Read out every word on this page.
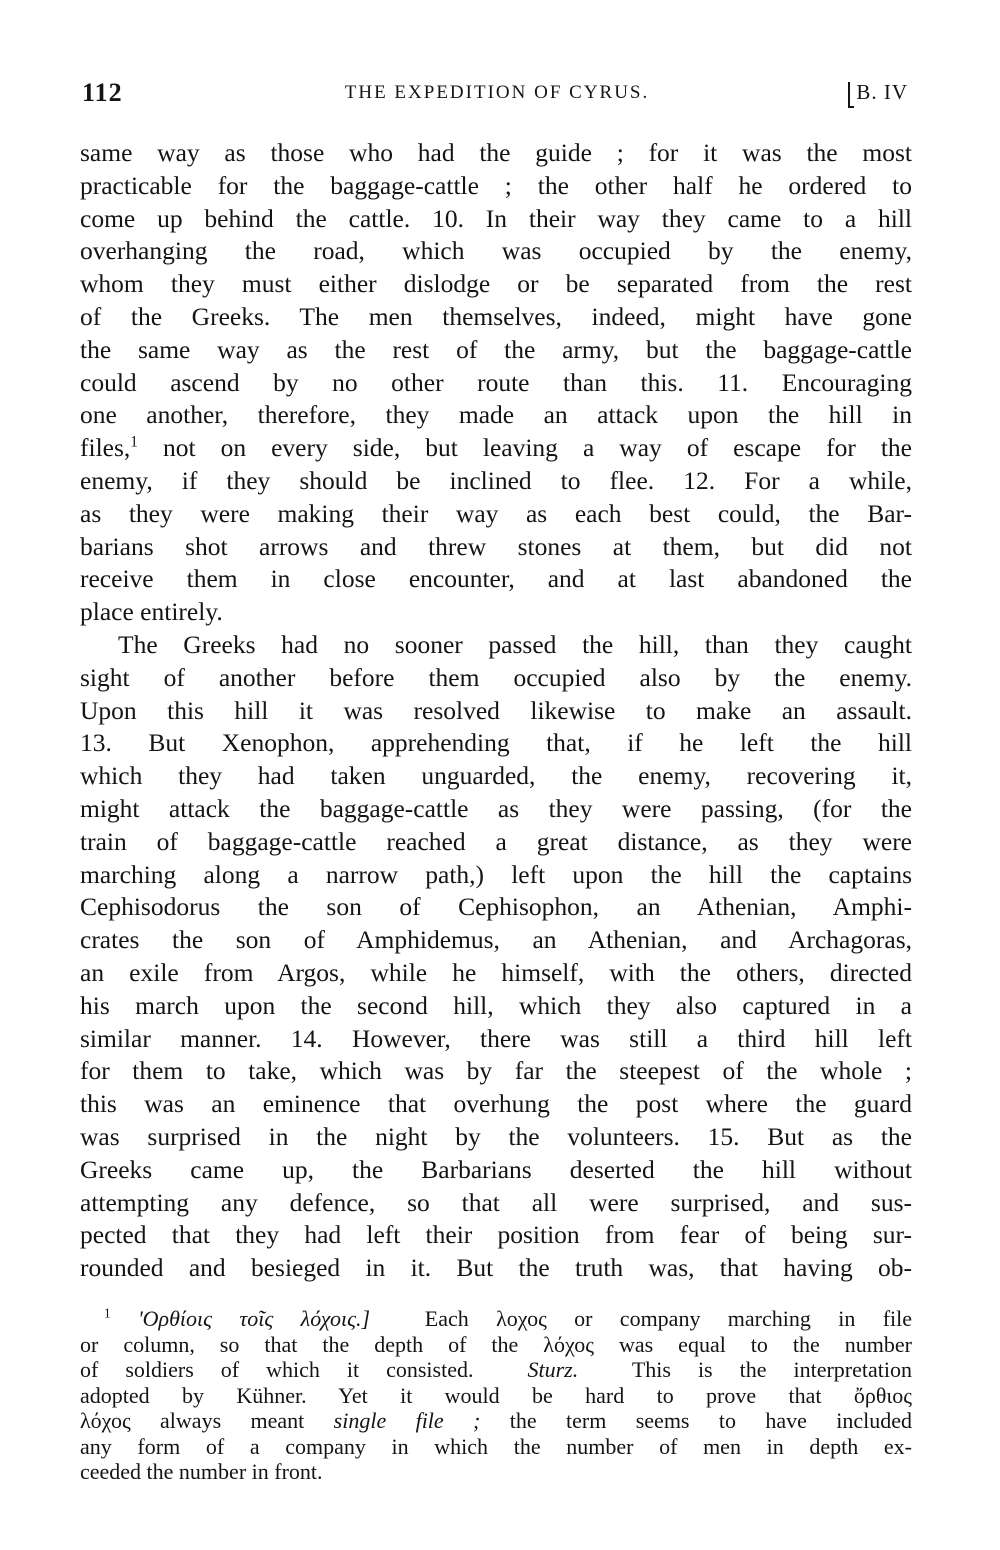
112	THE EXPEDITION OF CYRUS.	B. IV
same way as those who had the guide ; for it was the most
practicable for the baggage-cattle ; the other half he ordered to
come up behind the cattle. 10. In their way they came to a hill
overhanging the road, which was occupied by the enemy,
whom they must either dislodge or be separated from the rest
of the Greeks. The men themselves, indeed, might have gone
the same way as the rest of the army, but the baggage-cattle
could ascend by no other route than this. 11. Encouraging
one another, therefore, they made an attack upon the hill in
files,$^1$ not on every side, but leaving a way of escape for the
enemy, if they should be inclined to flee. 12. For a while,
as they were making their way as each best could, the Bar-
barians shot arrows and threw stones at them, but did not
receive them in close encounter, and at last abandoned the
place entirely.
The Greeks had no sooner passed the hill, than they caught
sight of another before them occupied also by the enemy.
Upon this hill it was resolved likewise to make an assault.
13. But Xenophon, apprehending that, if he left the hill
which they had taken unguarded, the enemy, recovering it,
might attack the baggage-cattle as they were passing, (for the
train of baggage-cattle reached a great distance, as they were
marching along a narrow path,) left upon the hill the captains
Cephisodorus the son of Cephisophon, an Athenian, Amphi-
crates the son of Amphidemus, an Athenian, and Archagoras,
an exile from Argos, while he himself, with the others, directed
his march upon the second hill, which they also captured in a
similar manner. 14. However, there was still a third hill left
for them to take, which was by far the steepest of the whole ;
this was an eminence that overhung the post where the guard
was surprised in the night by the volunteers. 15. But as the
Greeks came up, the Barbarians deserted the hill without
attempting any defence, so that all were surprised, and sus-
pected that they had left their position from fear of being sur-
rounded and besieged in it. But the truth was, that having ob-
$^1$ 'Ορθίοις τοῖς λόχοις.] Each λοχος or company marching in file
or column, so that the depth of the λόχος was equal to the number
of soldiers of which it consisted. Sturz. This is the interpretation
adopted by Kühner. Yet it would be hard to prove that ὄρθιος
λόχος always meant single file ; the term seems to have included
any form of a company in which the number of men in depth ex-
ceeded the number in front.
